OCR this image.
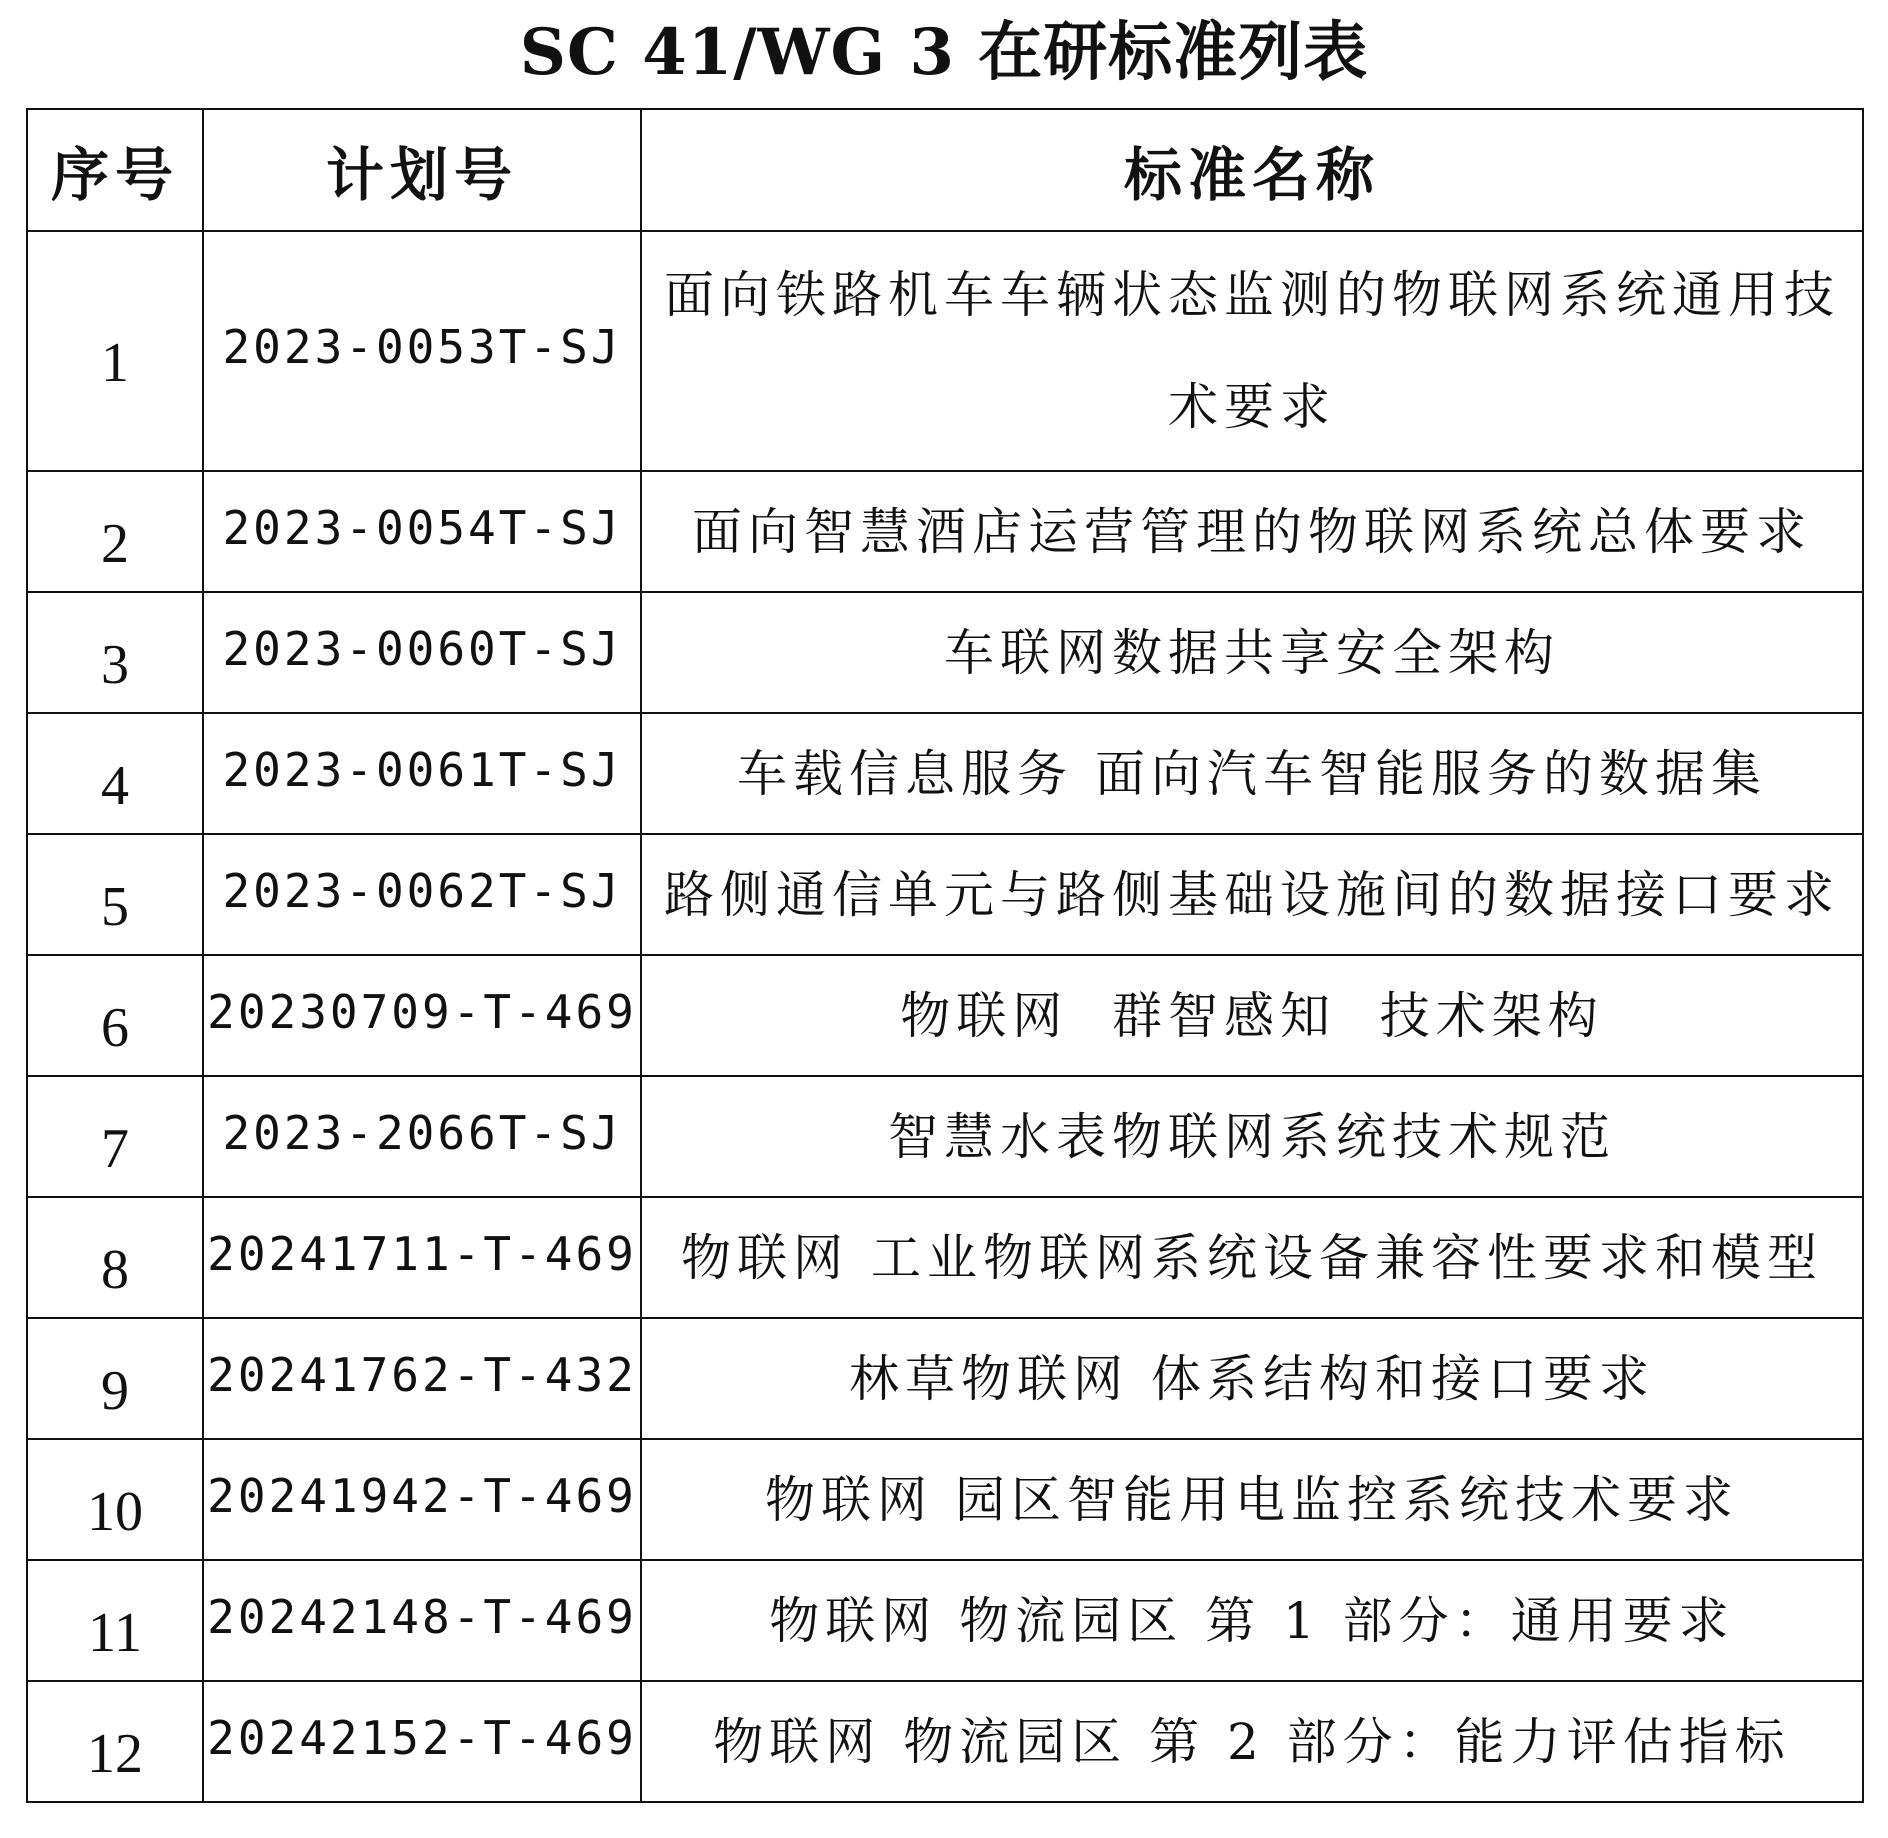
SC 41/WG 3 在研标准列表
序号	计划号	标准名称
1	2023-0053T-SJ	面向铁路机车车辆状态监测的物联网系统通用技术要求
2	2023-0054T-SJ	面向智慧酒店运营管理的物联网系统总体要求
3	2023-0060T-SJ	车联网数据共享安全架构
4	2023-0061T-SJ	车载信息服务 面向汽车智能服务的数据集
5	2023-0062T-SJ	路侧通信单元与路侧基础设施间的数据接口要求
6	20230709-T-469	物联网  群智感知  技术架构
7	2023-2066T-SJ	智慧水表物联网系统技术规范
8	20241711-T-469	物联网 工业物联网系统设备兼容性要求和模型
9	20241762-T-432	林草物联网 体系结构和接口要求
10	20241942-T-469	物联网 园区智能用电监控系统技术要求
11	20242148-T-469	物联网 物流园区 第 1 部分：通用要求
12	20242152-T-469	物联网 物流园区 第 2 部分：能力评估指标
